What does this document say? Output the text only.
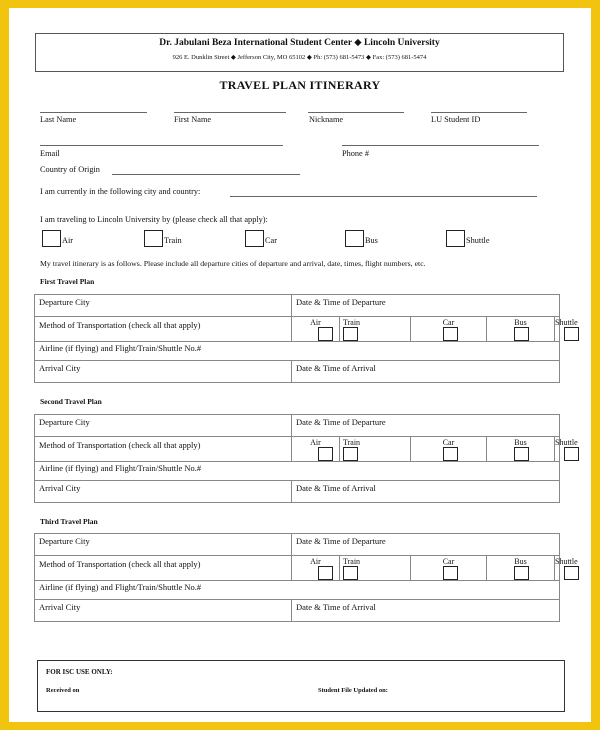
Dr. Jabulani Beza International Student Center ◆ Lincoln University
926 E. Dunklin Street ◆ Jefferson City, MO 65102 ◆ Ph: (573) 681-5473 ◆ Fax: (573) 681-5474
TRAVEL PLAN ITINERARY
Last Name	First Name	Nickname	LU Student ID
Email	Phone #
Country of Origin
I am currently in the following city and country:
I am traveling to Lincoln University by (please check all that apply):
Air	Train	Car	Bus	Shuttle
My travel itinerary is as follows. Please include all departure cities of departure and arrival, date, times, flight numbers, etc.
First Travel Plan
Departure City	Date & Time of Departure				

Method of Transportation (check all that apply)	Air	Train	Car	Bus	Shuttle

Airline (if flying) and Flight/Train/Shuttle No.#					

Arrival City	Date & Time of Arrival				
Second Travel Plan
Departure City	Date & Time of Departure				

Method of Transportation (check all that apply)	Air	Train	Car	Bus	Shuttle

Airline (if flying) and Flight/Train/Shuttle No.#					

Arrival City	Date & Time of Arrival				
Third Travel Plan
Departure City	Date & Time of Departure				

Method of Transportation (check all that apply)	Air	Train	Car	Bus	Shuttle

Airline (if flying) and Flight/Train/Shuttle No.#					

Arrival City	Date & Time of Arrival				
FOR ISC USE ONLY:
Received on	Student File Updated on:
